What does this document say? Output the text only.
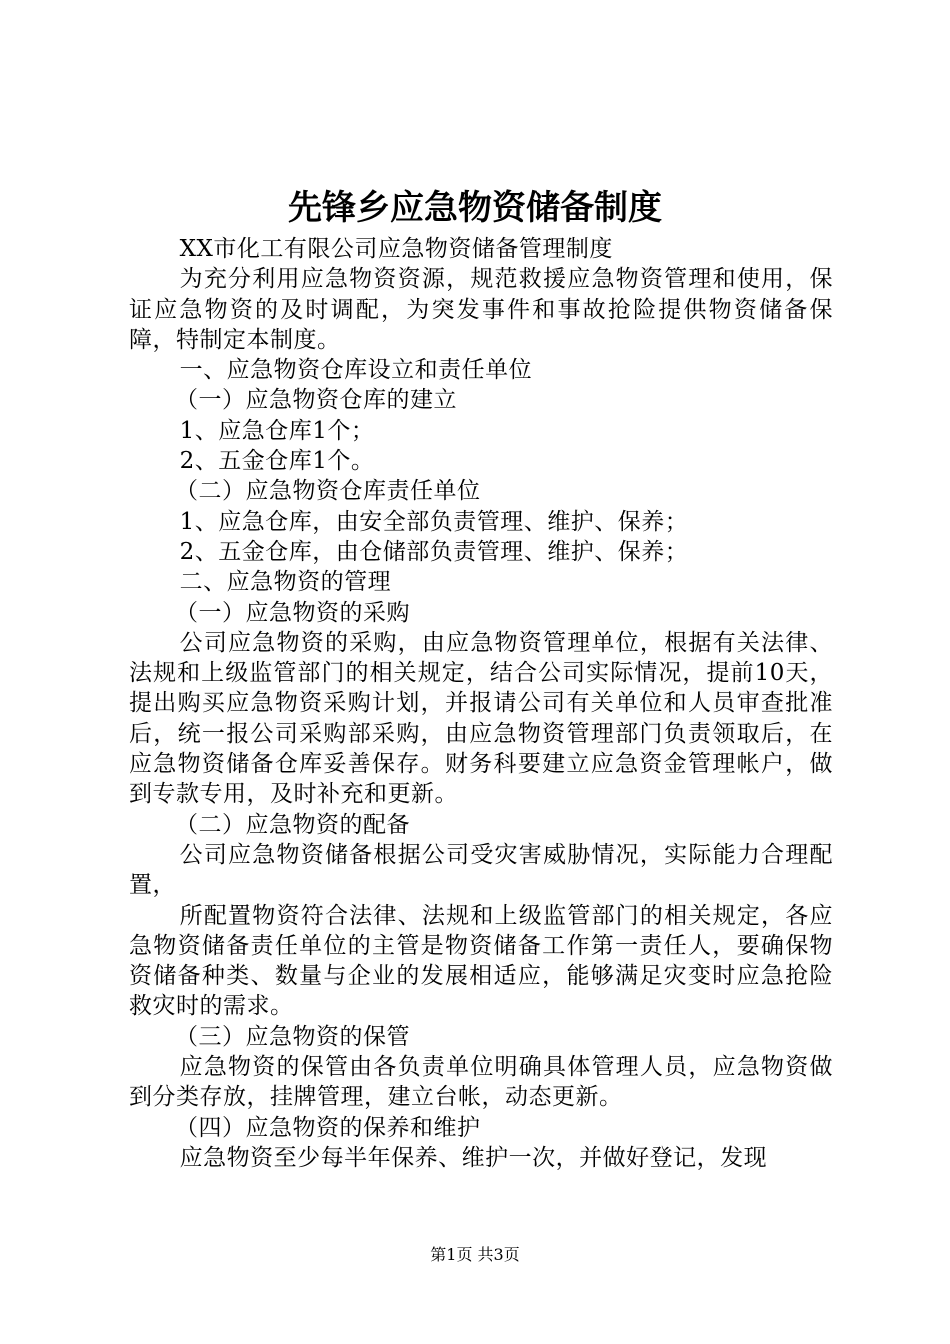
先锋乡应急物资储备制度

XX市化工有限公司应急物资储备管理制度

为充分利用应急物资资源，规范救援应急物资管理和使用，保证应急物资的及时调配，为突发事件和事故抢险提供物资储备保障，特制定本制度。

一、应急物资仓库设立和责任单位

（一）应急物资仓库的建立

1、应急仓库1个；

2、五金仓库1个。

（二）应急物资仓库责任单位

1、应急仓库，由安全部负责管理、维护、保养；

2、五金仓库，由仓储部负责管理、维护、保养；

二、应急物资的管理

（一）应急物资的采购

公司应急物资的采购，由应急物资管理单位，根据有关法律、法规和上级监管部门的相关规定，结合公司实际情况，提前10天，提出购买应急物资采购计划，并报请公司有关单位和人员审查批准后，统一报公司采购部采购，由应急物资管理部门负责领取后，在应急物资储备仓库妥善保存。财务科要建立应急资金管理帐户，做到专款专用，及时补充和更新。

（二）应急物资的配备

公司应急物资储备根据公司受灾害威胁情况，实际能力合理配置，

所配置物资符合法律、法规和上级监管部门的相关规定，各应急物资储备责任单位的主管是物资储备工作第一责任人，要确保物资储备种类、数量与企业的发展相适应，能够满足灾变时应急抢险救灾时的需求。

（三）应急物资的保管

应急物资的保管由各负责单位明确具体管理人员，应急物资做到分类存放，挂牌管理，建立台帐，动态更新。

（四）应急物资的保养和维护

应急物资至少每半年保养、维护一次，并做好登记，发现

第1页 共3页
